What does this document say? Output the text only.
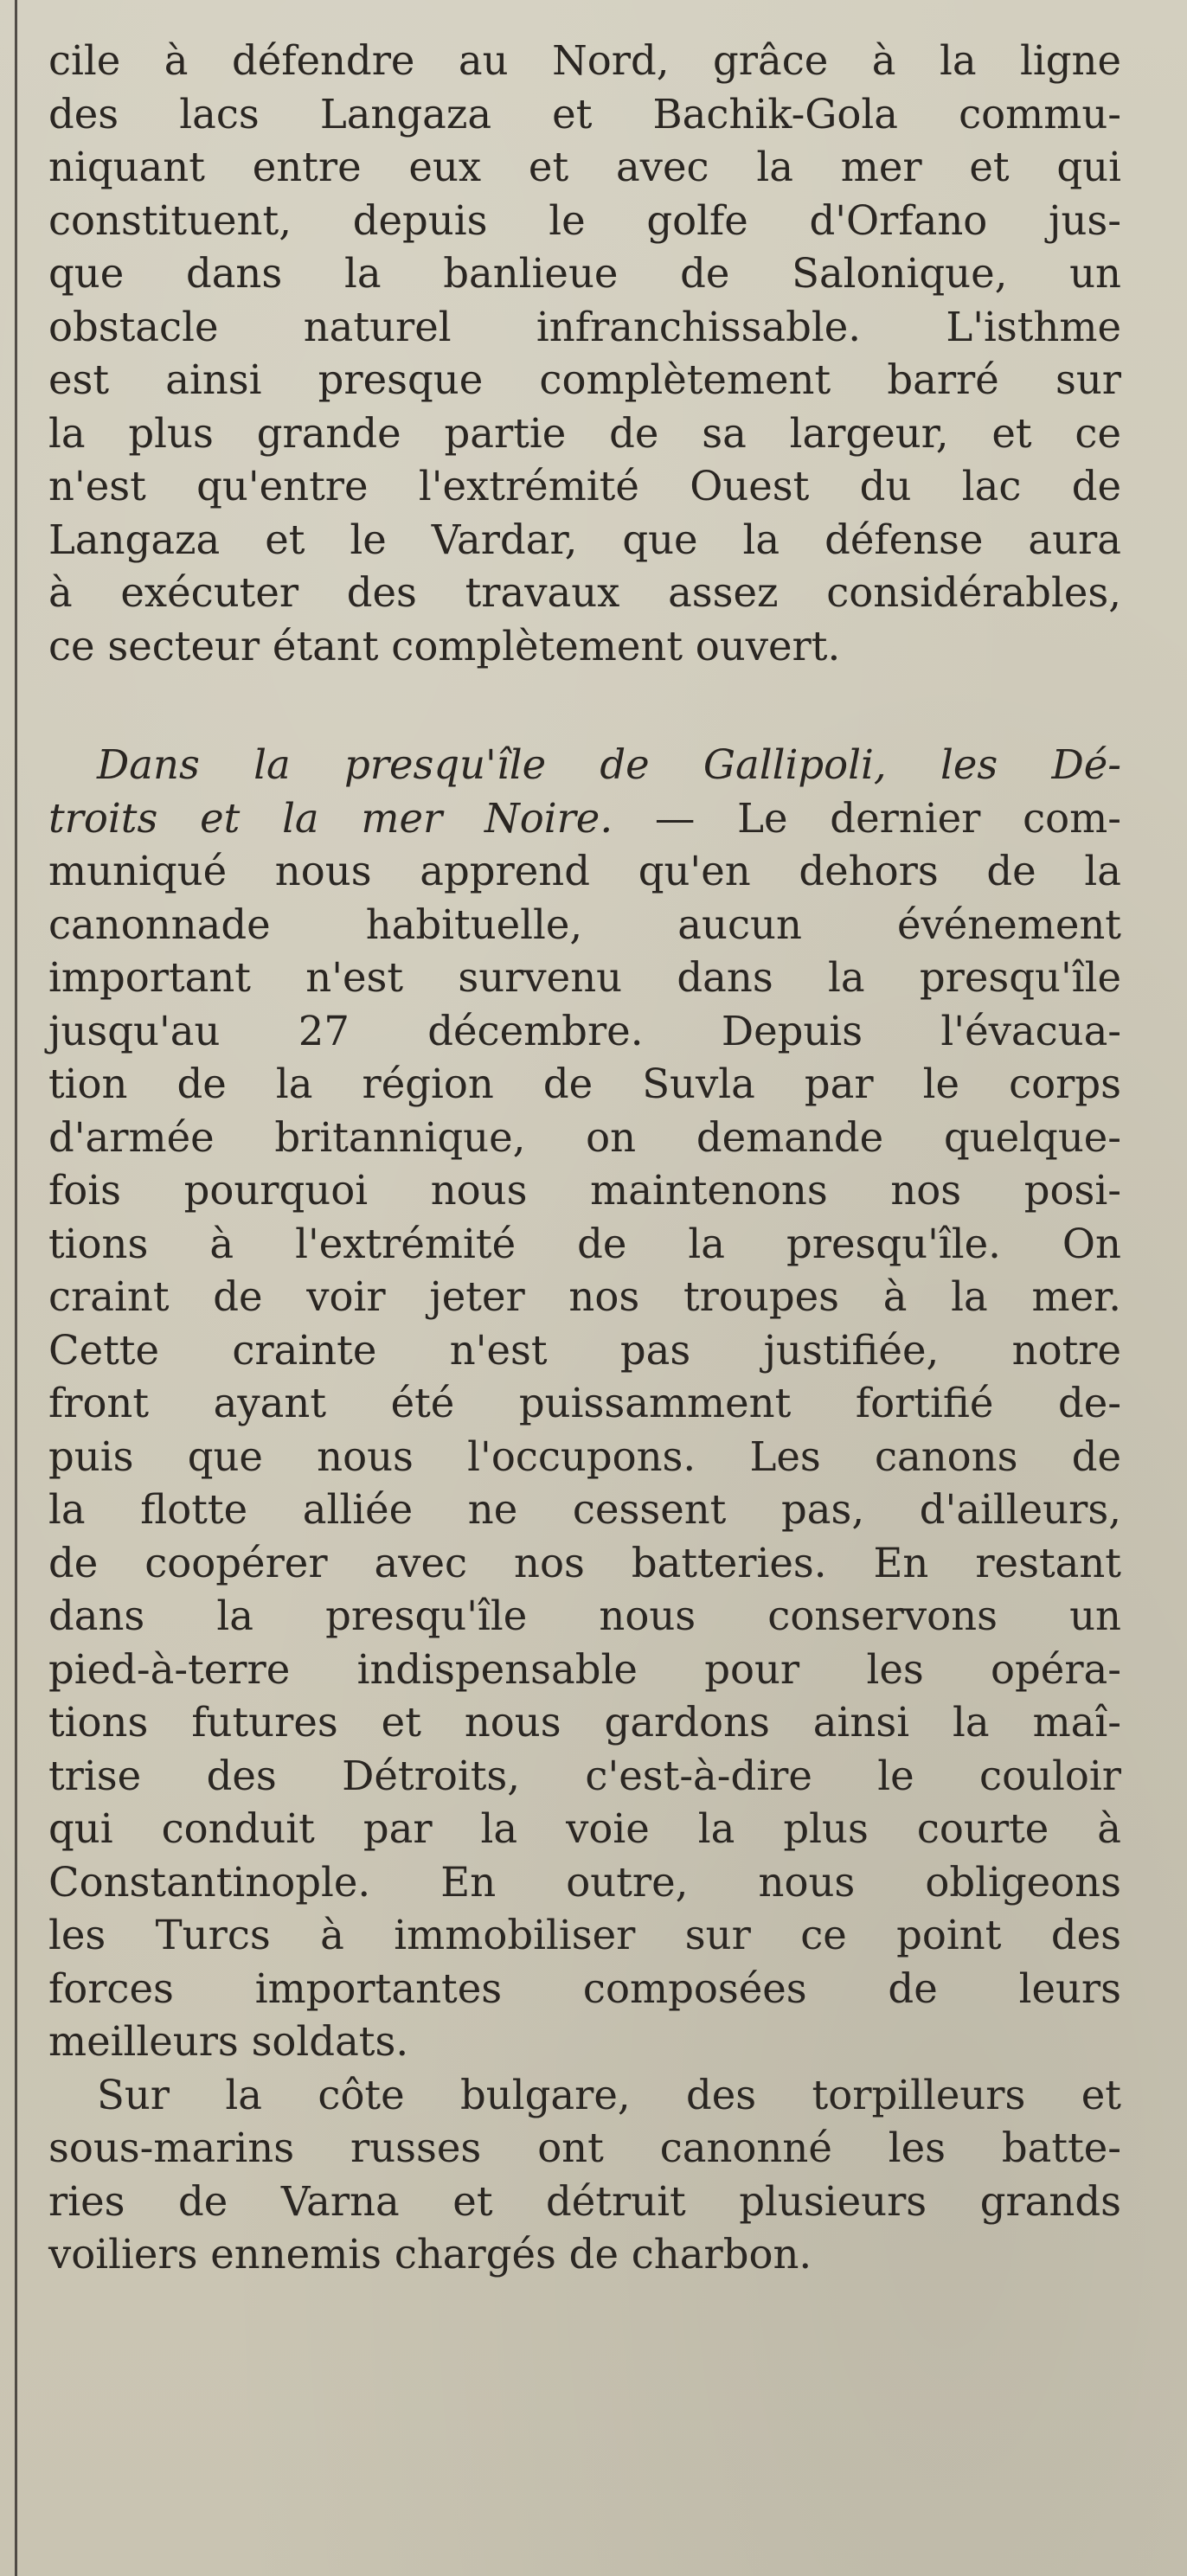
cile à défendre au Nord, grâce à la ligne
des lacs Langaza et Bachik-Gola commu-
niquant entre eux et avec la mer et qui
constituent, depuis le golfe d'Orfano jus-
que dans la banlieue de Salonique, un
obstacle naturel infranchissable. L'isthme
est ainsi presque complètement barré sur
la plus grande partie de sa largeur, et ce
n'est qu'entre l'extrémité Ouest du lac de
Langaza et le Vardar, que la défense aura
à exécuter des travaux assez considérables,
ce secteur étant complètement ouvert.
Dans la presqu'île de Gallipoli, les Dé-
troits et la mer Noire. — Le dernier com-
muniqué nous apprend qu'en dehors de la
canonnade habituelle, aucun événement
important n'est survenu dans la presqu'île
jusqu'au 27 décembre. Depuis l'évacua-
tion de la région de Suvla par le corps
d'armée britannique, on demande quelque-
fois pourquoi nous maintenons nos posi-
tions à l'extrémité de la presqu'île. On
craint de voir jeter nos troupes à la mer.
Cette crainte n'est pas justifiée, notre
front ayant été puissamment fortifié de-
puis que nous l'occupons. Les canons de
la flotte alliée ne cessent pas, d'ailleurs,
de coopérer avec nos batteries. En restant
dans la presqu'île nous conservons un
pied-à-terre indispensable pour les opéra-
tions futures et nous gardons ainsi la maî-
trise des Détroits, c'est-à-dire le couloir
qui conduit par la voie la plus courte à
Constantinople. En outre, nous obligeons
les Turcs à immobiliser sur ce point des
forces importantes composées de leurs
meilleurs soldats.
Sur la côte bulgare, des torpilleurs et
sous-marins russes ont canonné les batte-
ries de Varna et détruit plusieurs grands
voiliers ennemis chargés de charbon.
